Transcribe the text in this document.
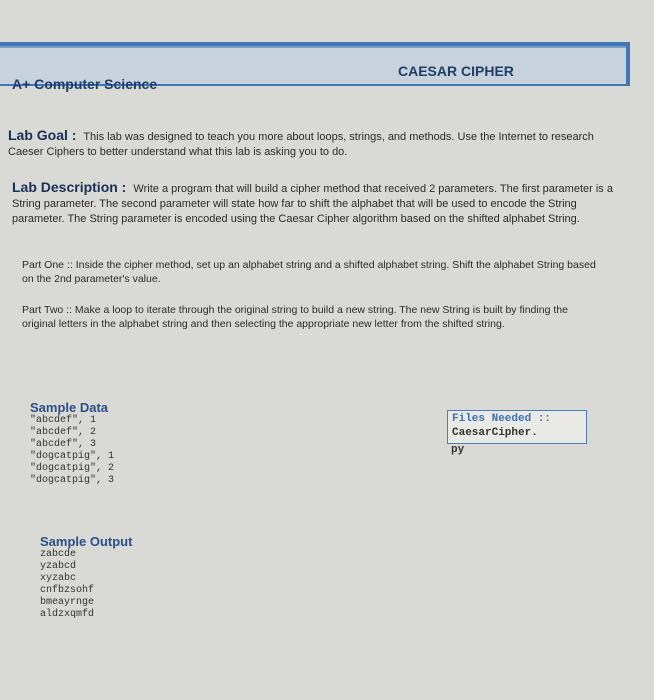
A+ Computer Science
CAESAR CIPHER
Lab Goal : This lab was designed to teach you more about loops, strings, and methods. Use the Internet to research Caeser Ciphers to better understand what this lab is asking you to do.
Lab Description : Write a program that will build a cipher method that received 2 parameters. The first parameter is a String parameter. The second parameter will state how far to shift the alphabet that will be used to encode the String parameter. The String parameter is encoded using the Caesar Cipher algorithm based on the shifted alphabet String.
Part One :: Inside the cipher method, set up an alphabet string and a shifted alphabet string. Shift the alphabet String based on the 2nd parameter's value.
Part Two :: Make a loop to iterate through the original string to build a new string. The new String is built by finding the original letters in the alphabet string and then selecting the appropriate new letter from the shifted string.
Sample Data
"abcdef", 1
"abcdef", 2
"abcdef", 3
"dogcatpig", 1
"dogcatpig", 2
"dogcatpig", 3
Sample Output
zabcde
yzabcd
xyzabc
cnfbzsohf
bmeayrnge
aldzxqmfd
Files Needed ::
CaesarCipher.
py
